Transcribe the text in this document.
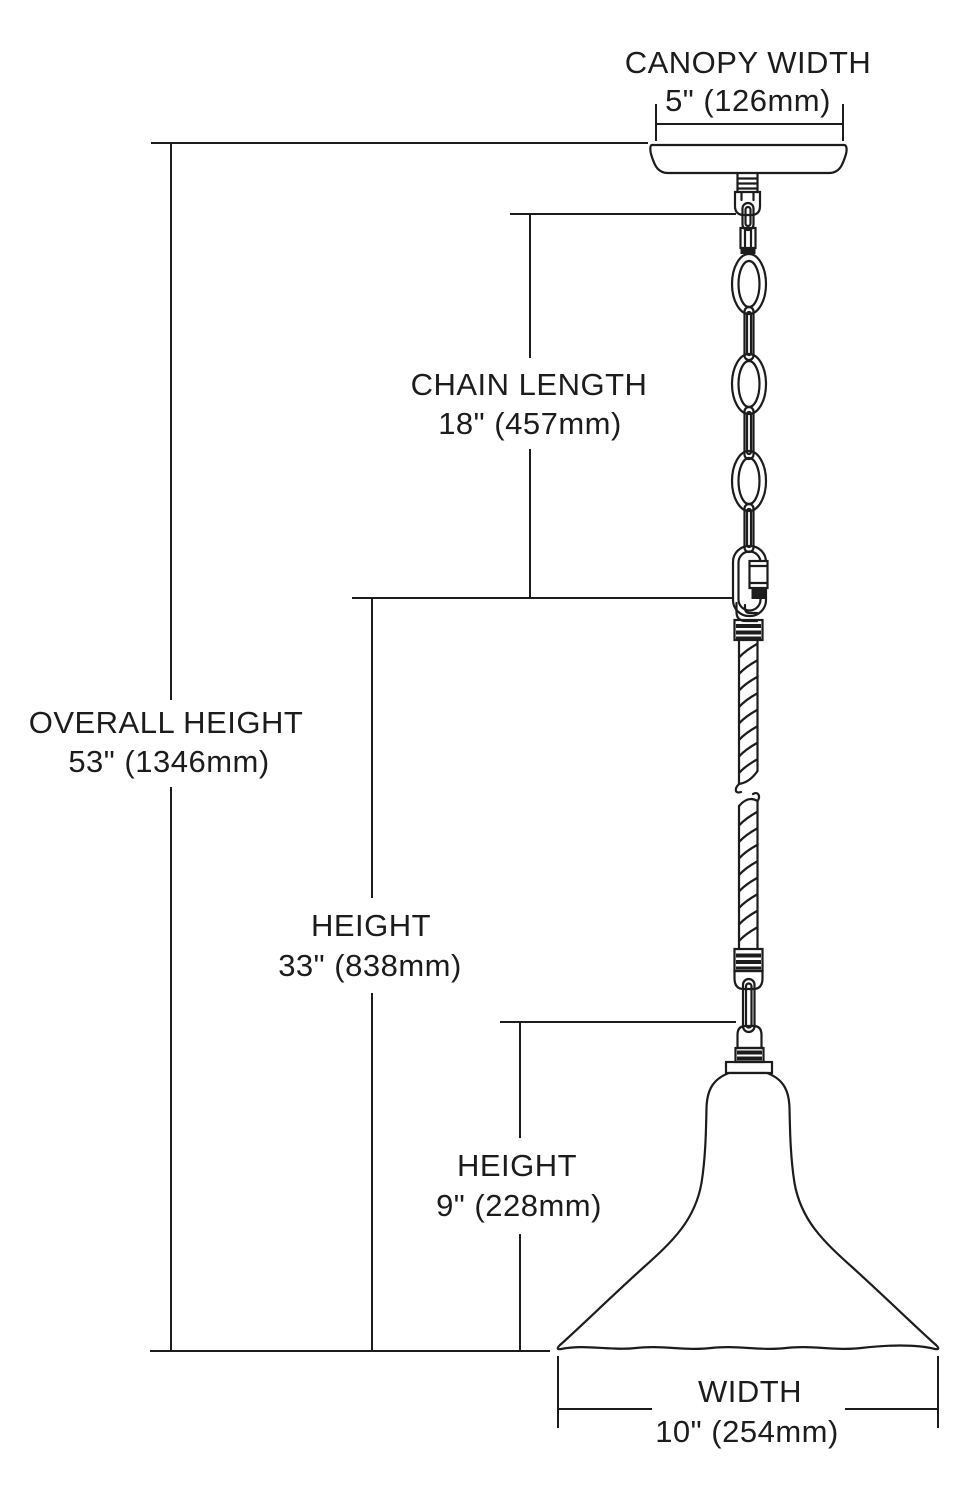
CANOPY WIDTH
5" (126mm)
CHAIN LENGTH
18" (457mm)
OVERALL HEIGHT
53" (1346mm)
HEIGHT
33" (838mm)
HEIGHT
9" (228mm)
WIDTH
10" (254mm)
